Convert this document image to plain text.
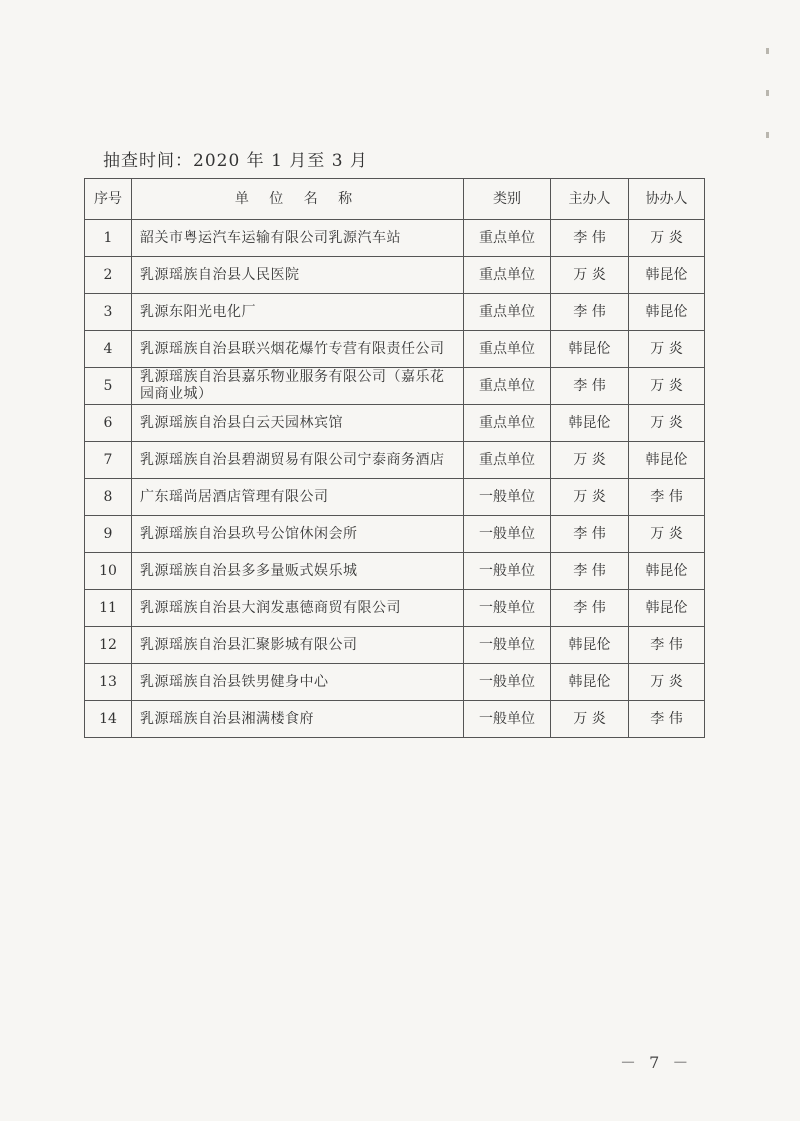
抽查时间：2020 年 1 月至 3 月
序号	单 位 名 称	类别	主办人	协办人
1	韶关市粤运汽车运输有限公司乳源汽车站	重点单位	李 伟	万 炎
2	乳源瑶族自治县人民医院	重点单位	万 炎	韩昆伦
3	乳源东阳光电化厂	重点单位	李 伟	韩昆伦
4	乳源瑶族自治县联兴烟花爆竹专营有限责任公司	重点单位	韩昆伦	万 炎
5	乳源瑶族自治县嘉乐物业服务有限公司（嘉乐花园商业城）	重点单位	李 伟	万 炎
6	乳源瑶族自治县白云天园林宾馆	重点单位	韩昆伦	万 炎
7	乳源瑶族自治县碧湖贸易有限公司宁泰商务酒店	重点单位	万 炎	韩昆伦
8	广东瑶尚居酒店管理有限公司	一般单位	万 炎	李 伟
9	乳源瑶族自治县玖号公馆休闲会所	一般单位	李 伟	万 炎
10	乳源瑶族自治县多多量贩式娱乐城	一般单位	李 伟	韩昆伦
11	乳源瑶族自治县大润发惠德商贸有限公司	一般单位	李 伟	韩昆伦
12	乳源瑶族自治县汇聚影城有限公司	一般单位	韩昆伦	李 伟
13	乳源瑶族自治县铁男健身中心	一般单位	韩昆伦	万 炎
14	乳源瑶族自治县湘满楼食府	一般单位	万 炎	李 伟
－ 7 －
